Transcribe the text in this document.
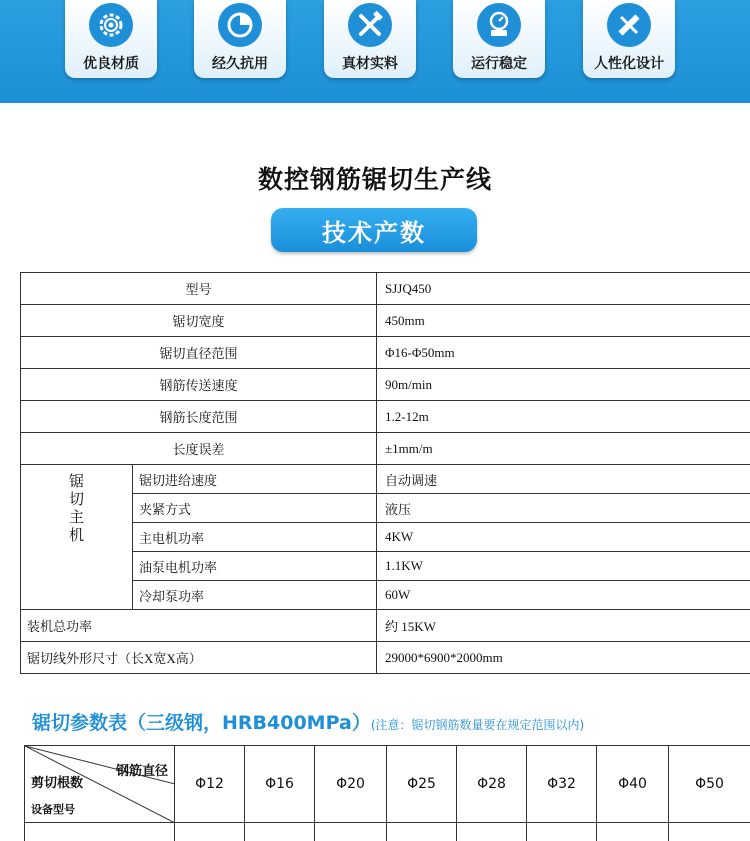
优良材质	经久抗用	真材实料	运行稳定	人性化设计
数控钢筋锯切生产线
技术产数
型号		SJJQ450
锯切宽度		450mm
锯切直径范围		Φ16-Φ50mm
钢筋传送速度		90m/min
钢筋长度范围		1.2-12m
长度误差		±1mm/m

锯
切
主
机	锯切进给速度	自动调速
	夹紧方式	液压
	主电机功率	4KW
	油泵电机功率	1.1KW
	冷却泵功率	60W
装机总功率		约 15KW
锯切线外形尺寸（长X宽X高）		29000*6900*2000mm
锯切参数表（三级钢，HRB400MPa）(注意：锯切钢筋数量要在规定范围以内)
钢筋直径
剪切根数
设备型号	Φ12	Φ16	Φ20	Φ25	Φ28	Φ32	Φ40	Φ50
